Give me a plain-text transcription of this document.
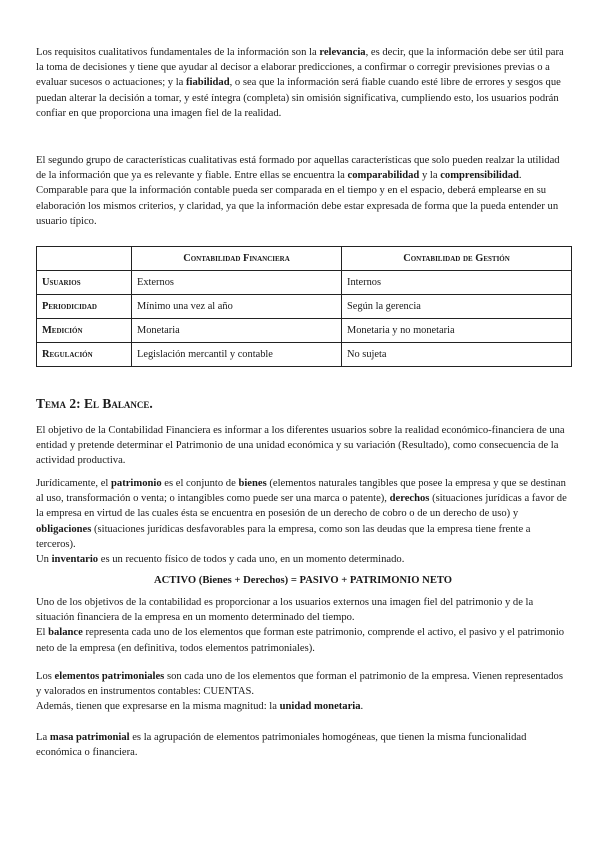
Los requisitos cualitativos fundamentales de la información son la relevancia, es decir, que la información debe ser útil para la toma de decisiones y tiene que ayudar al decisor a elaborar predicciones, a confirmar o corregir previsiones previas o a evaluar sucesos o actuaciones; y la fiabilidad, o sea que la información será fiable cuando esté libre de errores y sesgos que puedan alterar la decisión a tomar, y esté íntegra (completa) sin omisión significativa, cumpliendo esto, los usuarios podrán confiar en que proporciona una imagen fiel de la realidad.

El segundo grupo de características cualitativas está formado por aquellas características que solo pueden realzar la utilidad de la información que ya es relevante y fiable. Entre ellas se encuentra la comparabilidad y la comprensibilidad. Comparable para que la información contable pueda ser comparada en el tiempo y en el espacio, deberá emplearse en su elaboración los mismos criterios, y claridad, ya que la información debe estar expresada de forma que la pueda entender un usuario típico.

	Contabilidad Financiera	Contabilidad de Gestión
Usuarios	Externos	Internos
Periodicidad	Mínimo una vez al año	Según la gerencia
Medición	Monetaria	Monetaria y no monetaria
Regulación	Legislación mercantil y contable	No sujeta
Tema 2: El Balance.

El objetivo de la Contabilidad Financiera es informar a los diferentes usuarios sobre la realidad económico-financiera de una entidad y pretende determinar el Patrimonio de una unidad económica y su variación (Resultado), como consecuencia de la actividad productiva.

Jurídicamente, el patrimonio es el conjunto de bienes (elementos naturales tangibles que posee la empresa y que se destinan al uso, transformación o venta; o intangibles como puede ser una marca o patente), derechos (situaciones jurídicas a favor de la empresa en virtud de las cuales ésta se encuentra en posesión de un derecho de cobro o de un derecho de uso) y obligaciones (situaciones jurídicas desfavorables para la empresa, como son las deudas que la empresa tiene frente a terceros).
Un inventario es un recuento físico de todos y cada uno, en un momento determinado.

ACTIVO (Bienes + Derechos) = PASIVO + PATRIMONIO NETO

Uno de los objetivos de la contabilidad es proporcionar a los usuarios externos una imagen fiel del patrimonio y de la situación financiera de la empresa en un momento determinado del tiempo.
El balance representa cada uno de los elementos que forman este patrimonio, comprende el activo, el pasivo y el patrimonio neto de la empresa (en definitiva, todos elementos patrimoniales).

Los elementos patrimoniales son cada uno de los elementos que forman el patrimonio de la empresa. Vienen representados y valorados en instrumentos contables: CUENTAS.
Además, tienen que expresarse en la misma magnitud: la unidad monetaria.

La masa patrimonial es la agrupación de elementos patrimoniales homogéneas, que tienen la misma funcionalidad económica o financiera.
